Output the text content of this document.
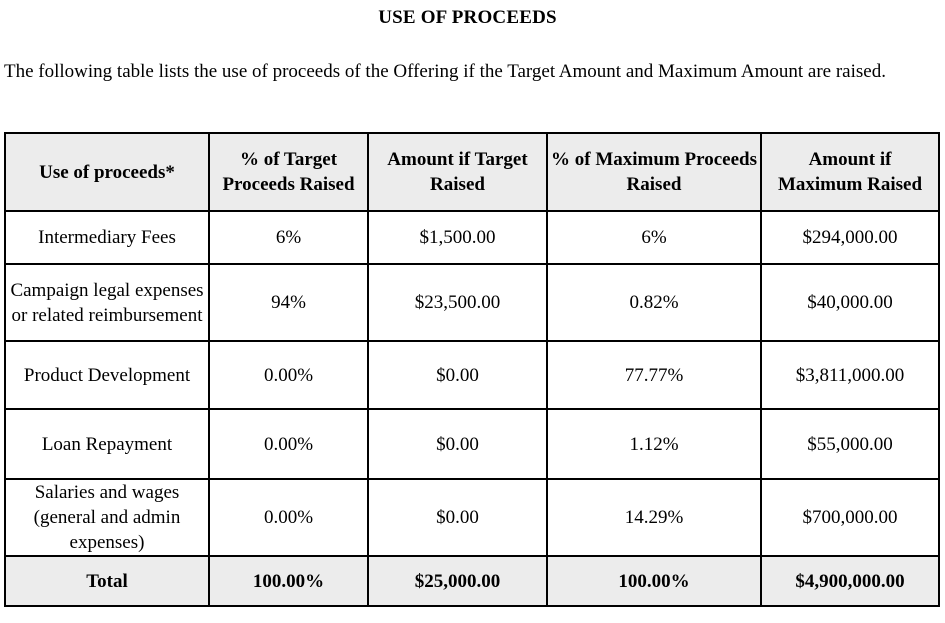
USE OF PROCEEDS
The following table lists the use of proceeds of the Offering if the Target Amount and Maximum Amount are raised.
Use of proceeds*	% of Target Proceeds Raised	Amount if Target Raised	% of Maximum Proceeds Raised	Amount if Maximum Raised
Intermediary Fees	6%	$1,500.00	6%	$294,000.00
Campaign legal expenses or related reimbursement	94%	$23,500.00	0.82%	$40,000.00
Product Development	0.00%	$0.00	77.77%	$3,811,000.00
Loan Repayment	0.00%	$0.00	1.12%	$55,000.00
Salaries and wages (general and admin expenses)	0.00%	$0.00	14.29%	$700,000.00
Total	100.00%	$25,000.00	100.00%	$4,900,000.00
